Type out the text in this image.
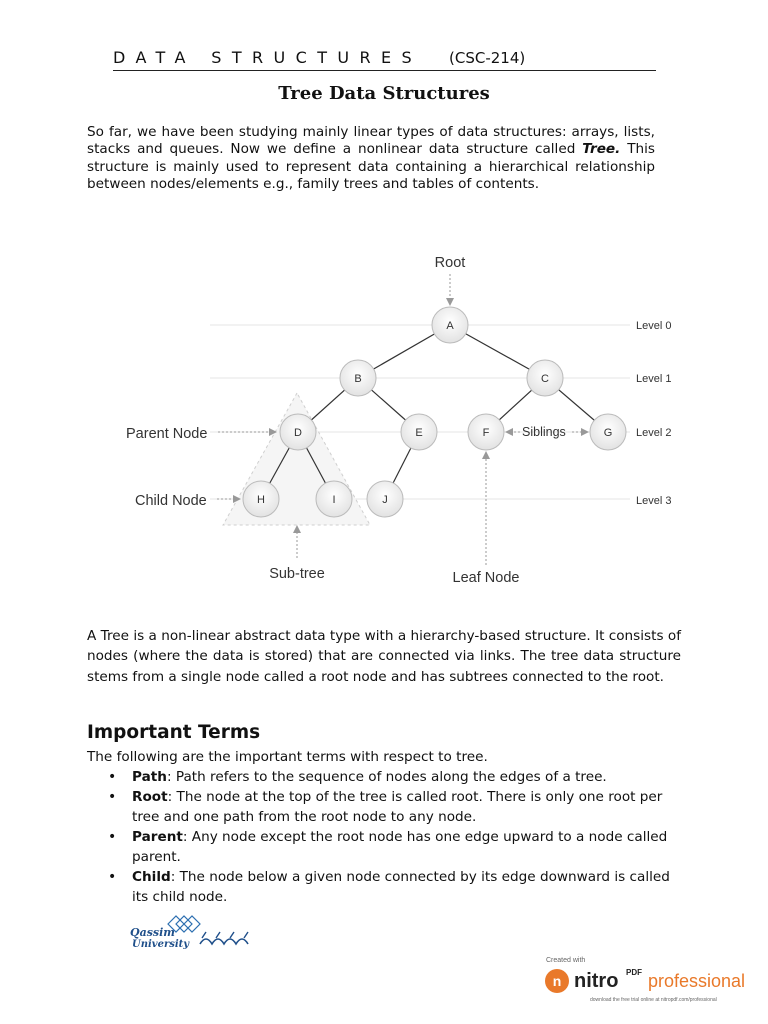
DATA STRUCTURES (CSC-214)
Tree Data Structures
So far, we have been studying mainly linear types of data structures: arrays, lists, stacks and queues. Now we define a nonlinear data structure called Tree. This structure is mainly used to represent data containing a hierarchical relationship between nodes/elements e.g., family trees and tables of contents.
Root
A
B	C
D	E	F	G
H	I	J
Level 0
Level 1
Level 2
Level 3
Parent Node
Child Node
Siblings
Sub-tree	Leaf Node
A Tree is a non-linear abstract data type with a hierarchy-based structure. It consists of nodes (where the data is stored) that are connected via links. The tree data structure stems from a single node called a root node and has subtrees connected to the root.
Important Terms
The following are the important terms with respect to tree.
• Path: Path refers to the sequence of nodes along the edges of a tree.
• Root: The node at the top of the tree is called root. There is only one root per tree and one path from the root node to any node.
• Parent: Any node except the root node has one edge upward to a node called parent.
• Child: The node below a given node connected by its edge downward is called its child node.
Qassim
University
Created with
n nitro PDF professional
download the free trial online at nitropdf.com/professional
